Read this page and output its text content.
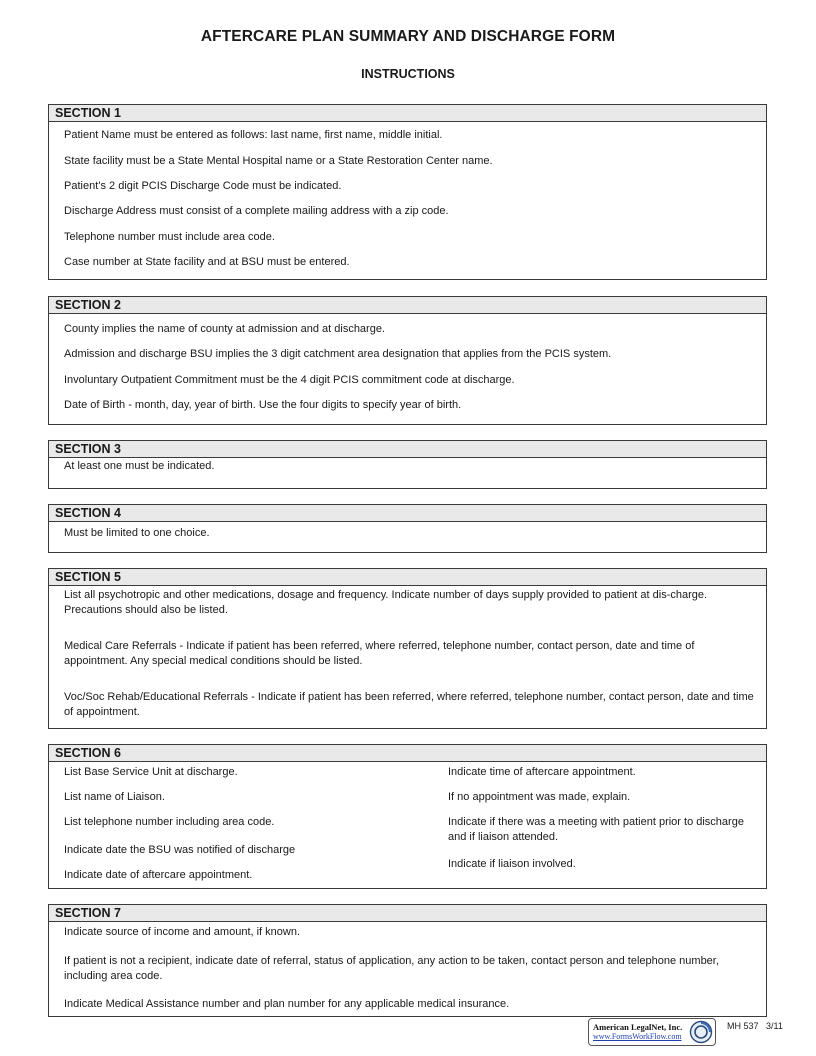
AFTERCARE PLAN SUMMARY AND DISCHARGE FORM
INSTRUCTIONS
SECTION 1
Patient Name must be entered as follows: last name, first name, middle initial.
State facility must be a State Mental Hospital name or a State Restoration Center name.
Patient’s 2 digit PCIS Discharge Code must be indicated.
Discharge Address must consist of a complete mailing address with a zip code.
Telephone number must include area code.
Case number at State facility and at BSU must be entered.
SECTION 2
County implies the name of county at admission and at discharge.
Admission and discharge BSU implies the 3 digit catchment area designation that applies from the PCIS system.
Involuntary Outpatient Commitment must be the 4 digit PCIS commitment code at discharge.
Date of Birth - month, day, year of birth. Use the four digits to specify year of birth.
SECTION 3
At least one must be indicated.
SECTION 4
Must be limited to one choice.
SECTION 5
List all psychotropic and other medications, dosage and frequency. Indicate number of days supply provided to patient at dis-charge. Precautions should also be listed.
Medical Care Referrals - Indicate if patient has been referred, where referred, telephone number, contact person, date and time of appointment. Any special medical conditions should be listed.
Voc/Soc Rehab/Educational Referrals - Indicate if patient has been referred, where referred, telephone number, contact person, date and time of appointment.
SECTION 6
List Base Service Unit at discharge.
List name of Liaison.
List telephone number including area code.
Indicate date the BSU was notified of discharge
Indicate date of aftercare appointment.
Indicate time of aftercare appointment.
If no appointment was made, explain.
Indicate if there was a meeting with patient prior to discharge and if liaison attended.
Indicate if liaison involved.
SECTION 7
Indicate source of income and amount, if known.
If patient is not a recipient, indicate date of referral, status of application, any action to be taken, contact person and telephone number, including area code.
Indicate Medical Assistance number and plan number for any applicable medical insurance.
American LegalNet, Inc.
www.FormsWorkFlow.com
MH 537 3/11
